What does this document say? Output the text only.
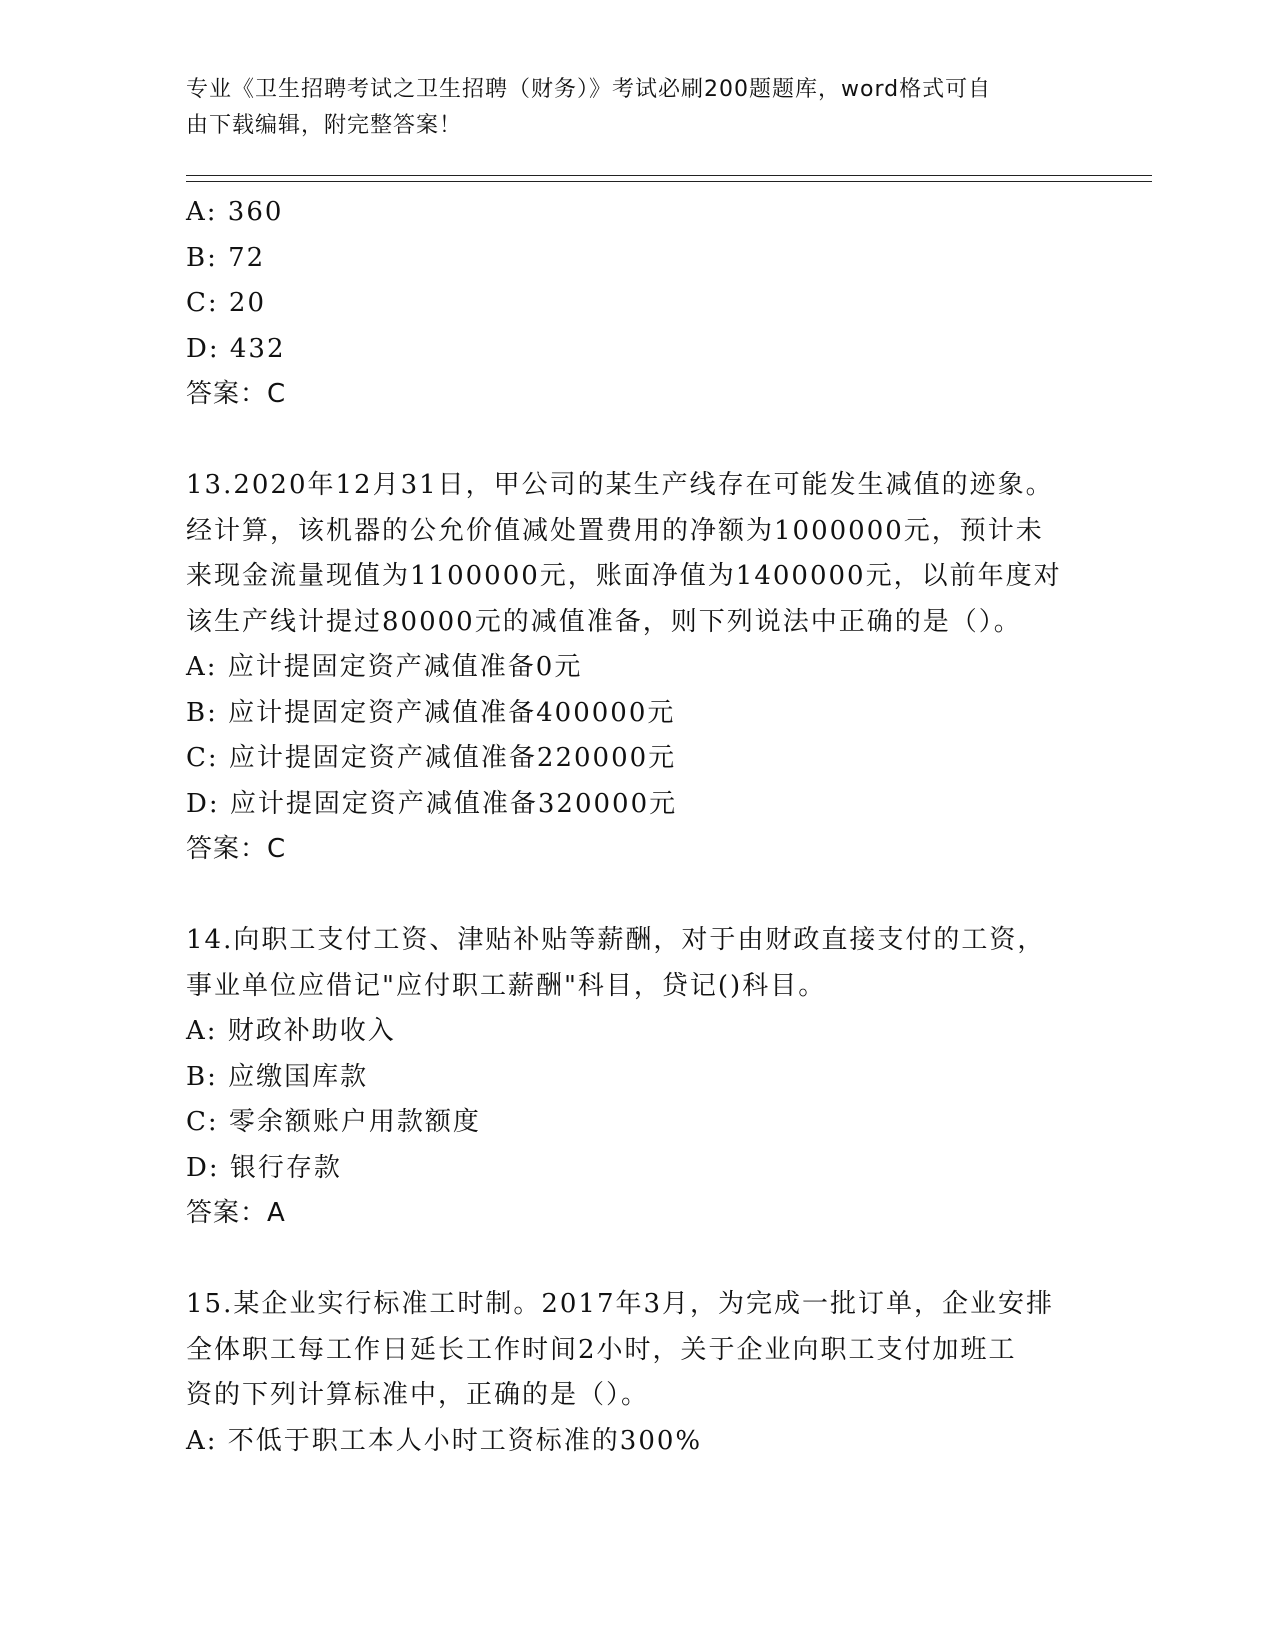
专业《卫生招聘考试之卫生招聘（财务）》考试必刷200题题库，word格式可自
由下载编辑，附完整答案！
A: 360
B: 72
C: 20
D: 432
答案：C
13.2020年12月31日，甲公司的某生产线存在可能发生减值的迹象。
经计算，该机器的公允价值减处置费用的净额为1000000元，预计未
来现金流量现值为1100000元，账面净值为1400000元，以前年度对
该生产线计提过80000元的减值准备，则下列说法中正确的是（）。
A: 应计提固定资产减值准备0元
B: 应计提固定资产减值准备400000元
C: 应计提固定资产减值准备220000元
D: 应计提固定资产减值准备320000元
答案：C
14.向职工支付工资、津贴补贴等薪酬，对于由财政直接支付的工资，
事业单位应借记"应付职工薪酬"科目，贷记()科目。
A: 财政补助收入
B: 应缴国库款
C: 零余额账户用款额度
D: 银行存款
答案：A
15.某企业实行标准工时制。2017年3月，为完成一批订单，企业安排
全体职工每工作日延长工作时间2小时，关于企业向职工支付加班工
资的下列计算标准中，正确的是（）。
A: 不低于职工本人小时工资标准的300%
